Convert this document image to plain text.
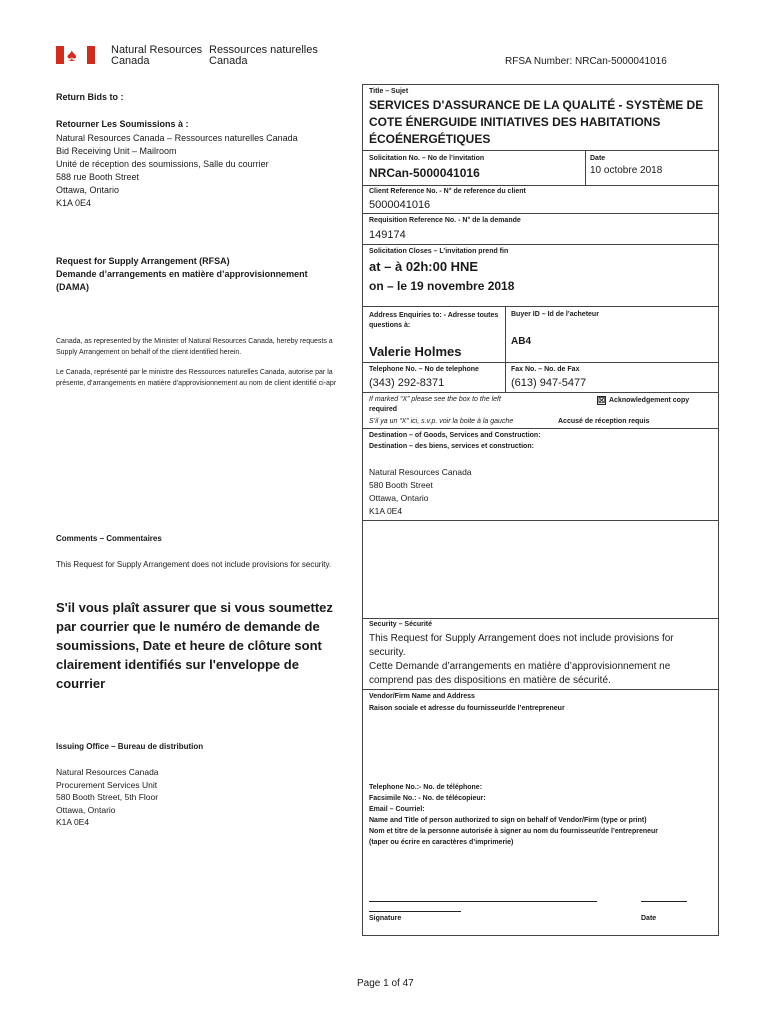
♠	Natural Resources
Canada
Ressources naturelles
Canada	RFSA Number: NRCan-5000041016
Return Bids to :
Retourner Les Soumissions à :
Natural Resources Canada – Ressources naturelles Canada
Bid Receiving Unit – Mailroom
Unité de réception des soumissions, Salle du courrier
588 rue Booth Street
Ottawa, Ontario
K1A 0E4
Request for Supply Arrangement (RFSA)
Demande d’arrangements en matière d’approvisionnement
(DAMA)
Canada, as represented by the Minister of Natural Resources Canada, hereby requests a Supply Arrangement on behalf of the client identified herein.
Le Canada, représenté par le ministre des Ressources naturelles Canada, autorise par la présente, d’arrangements en matière d’approvisionnement au nom de client identifié ci-apr
Comments – Commentaires
This Request for Supply Arrangement does not include provisions for security.
S'il vous plaît assurer que si vous soumettez par courrier que le numéro de demande de soumissions, Date et heure de clôture sont clairement identifiés sur l'enveloppe de courrier
Issuing Office – Bureau de distribution
Natural Resources Canada
Procurement Services Unit
580 Booth Street, 5th Floor
Ottawa, Ontario
K1A 0E4
Title – Sujet
SERVICES D'ASSURANCE DE LA QUALITÉ - SYSTÈME DE COTE ÉNERGUIDE INITIATIVES DES HABITATIONS ÉCOÉNERGÉTIQUES
Solicitation No. – No de l’invitation
NRCan-5000041016
Date
10 octobre 2018
Client Reference No. - N° de reference du client
5000041016
Requisition Reference No. - N° de la demande
149174
Solicitation Closes – L’invitation prend fin
at – à 02h:00 HNE
on – le 19 novembre 2018
Address Enquiries to: - Adresse toutes questions à:
Valerie Holmes
Buyer ID – Id de l’acheteur
AB4
Telephone No. – No de telephone
(343) 292-8371
Fax No. – No. de Fax
(613) 947-5477
If marked “X” please see the box to the left
required
S’il ya un “X” ici, s.v.p. voir la boite à la gauche
☒ Acknowledgement copy
Accusé de réception requis
Destination – of Goods, Services and Construction:
Destination – des biens, services et construction:
Natural Resources Canada
580 Booth Street
Ottawa, Ontario
K1A 0E4
Security – Sécurité
This Request for Supply Arrangement does not include provisions for security.
Cette Demande d’arrangements en matière d’approvisionnement ne comprend pas des dispositions en matière de sécurité.
Vendor/Firm Name and Address
Raison sociale et adresse du fournisseur/de l’entrepreneur
Telephone No.:- No. de téléphone:
Facsimile No.: - No. de télécopieur:
Email – Courriel:
Name and Title of person authorized to sign on behalf of Vendor/Firm (type or print)
Nom et titre de la personne autorisée à signer au nom du fournisseur/de l’entrepreneur
(taper ou écrire en caractères d’imprimerie)
Signature	Date
Page 1 of 47
